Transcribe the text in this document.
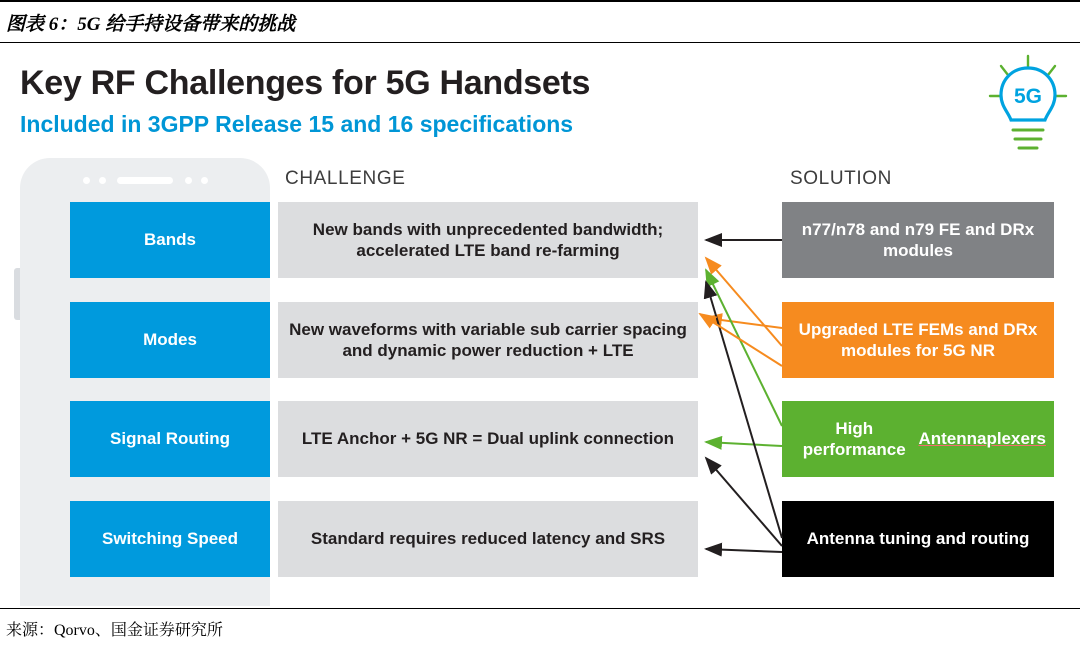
图表 6：5G 给手持设备带来的挑战
Key RF Challenges for 5G Handsets
Included in 3GPP Release 15 and 16 specifications
5G
CHALLENGE	SOLUTION
Bands
Modes
Signal Routing
Switching Speed
New bands with unprecedented bandwidth; accelerated LTE band re-farming
New waveforms with variable sub carrier spacing and dynamic power reduction + LTE
LTE Anchor + 5G NR = Dual uplink connection
Standard requires reduced latency and SRS
n77/n78 and n79 FE and DRx modules
Upgraded LTE FEMs and DRx modules for 5G NR
High performance
Antennaplexers
Antenna tuning and routing
来源：Qorvo、国金证券研究所
